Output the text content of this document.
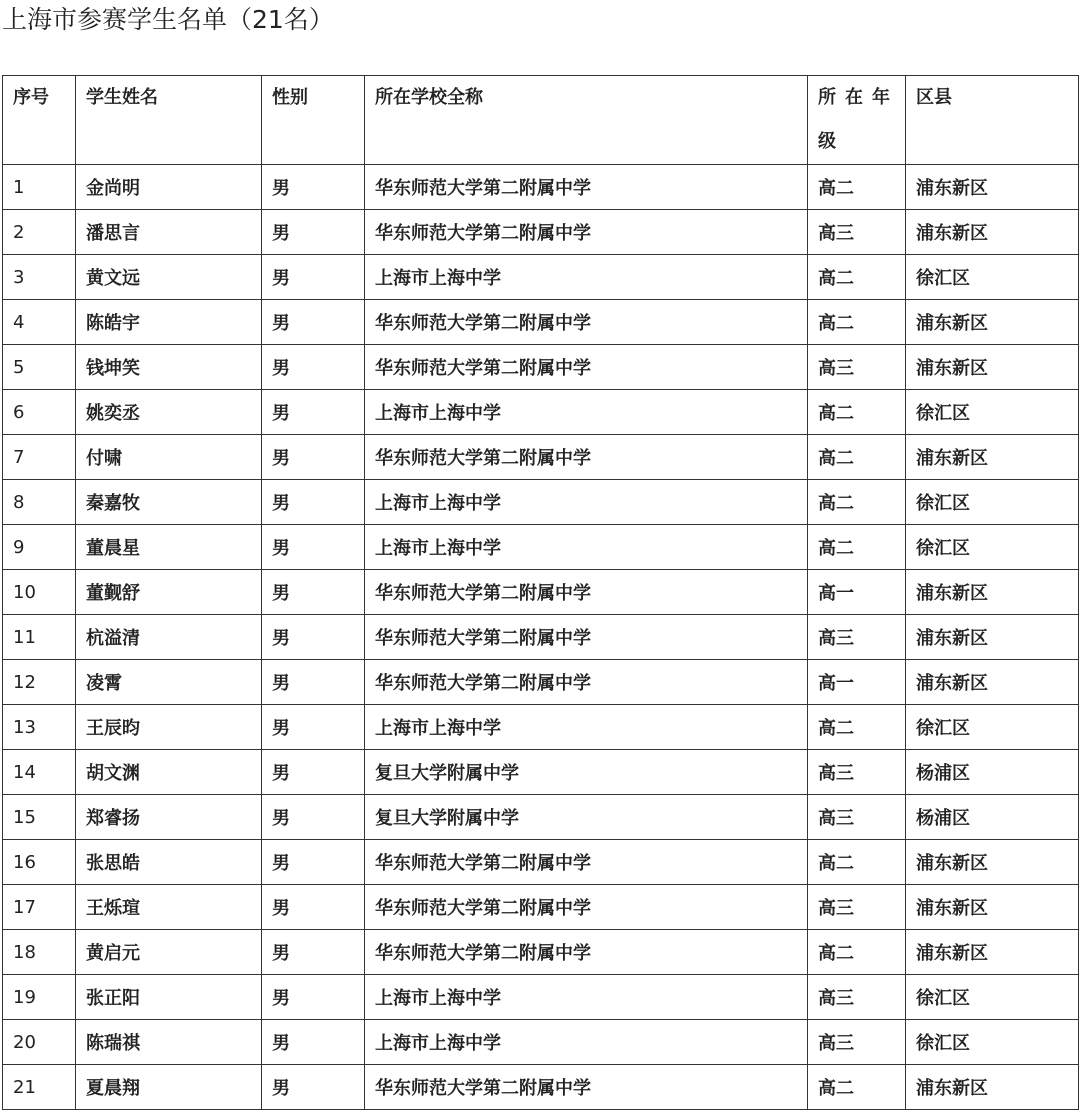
上海市参赛学生名单（21名）
序号	学生姓名	性别	所在学校全称	所在年级	区县
1	金尚明	男	华东师范大学第二附属中学	高二	浦东新区
2	潘思言	男	华东师范大学第二附属中学	高三	浦东新区
3	黄文远	男	上海市上海中学	高二	徐汇区
4	陈皓宇	男	华东师范大学第二附属中学	高二	浦东新区
5	钱坤笑	男	华东师范大学第二附属中学	高三	浦东新区
6	姚奕丞	男	上海市上海中学	高二	徐汇区
7	付啸	男	华东师范大学第二附属中学	高二	浦东新区
8	秦嘉牧	男	上海市上海中学	高二	徐汇区
9	董晨星	男	上海市上海中学	高二	徐汇区
10	董觐舒	男	华东师范大学第二附属中学	高一	浦东新区
11	杭溢清	男	华东师范大学第二附属中学	高三	浦东新区
12	凌霄	男	华东师范大学第二附属中学	高一	浦东新区
13	王辰昀	男	上海市上海中学	高二	徐汇区
14	胡文渊	男	复旦大学附属中学	高三	杨浦区
15	郑睿扬	男	复旦大学附属中学	高三	杨浦区
16	张思皓	男	华东师范大学第二附属中学	高二	浦东新区
17	王烁瑄	男	华东师范大学第二附属中学	高三	浦东新区
18	黄启元	男	华东师范大学第二附属中学	高二	浦东新区
19	张正阳	男	上海市上海中学	高三	徐汇区
20	陈瑞祺	男	上海市上海中学	高三	徐汇区
21	夏晨翔	男	华东师范大学第二附属中学	高二	浦东新区
